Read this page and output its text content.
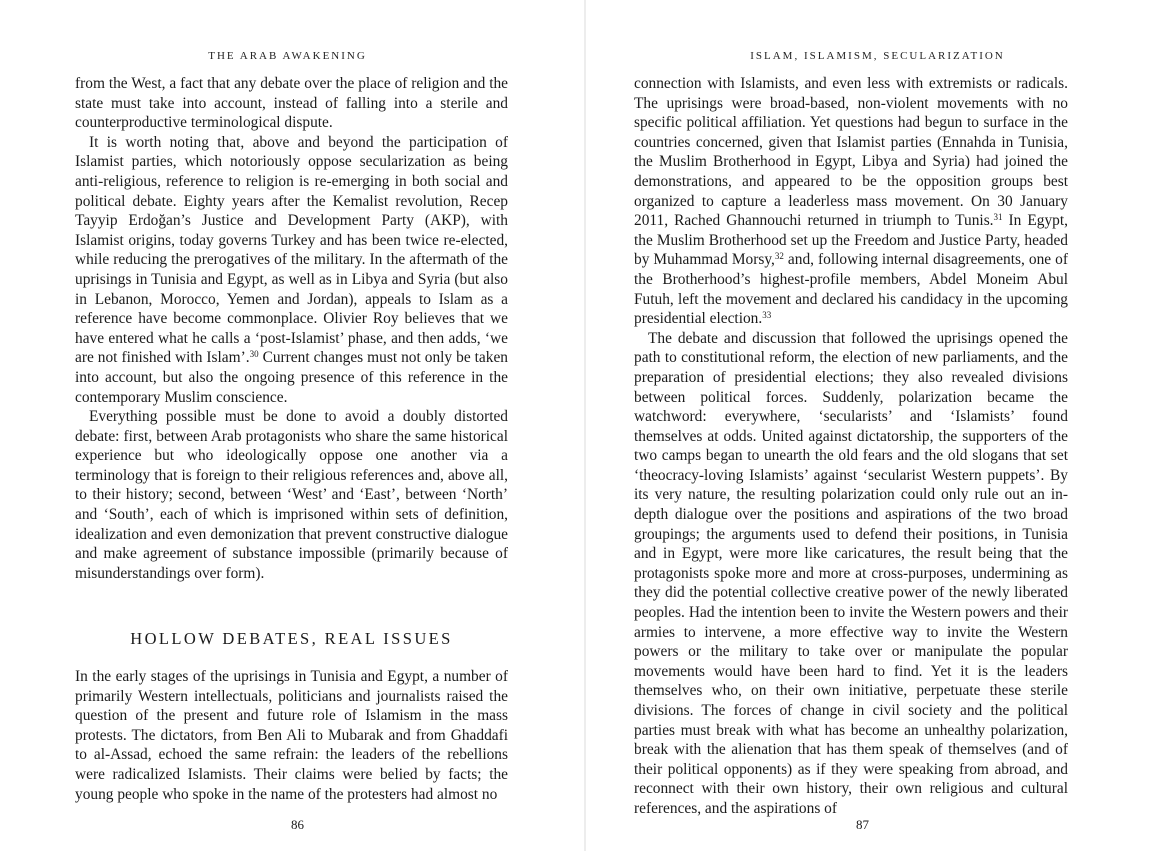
THE ARAB AWAKENING

from the West, a fact that any debate over the place of religion and the state must take into account, instead of falling into a sterile and counterproductive terminological dispute.

It is worth noting that, above and beyond the participation of Islamist parties, which notoriously oppose secularization as being anti-religious, reference to religion is re-emerging in both social and political debate. Eighty years after the Kemalist revolution, Recep Tayyip Erdoğan’s Justice and Development Party (AKP), with Islamist origins, today governs Turkey and has been twice re-elected, while reducing the prerogatives of the military. In the aftermath of the uprisings in Tunisia and Egypt, as well as in Libya and Syria (but also in Lebanon, Morocco, Yemen and Jordan), appeals to Islam as a reference have become commonplace. Olivier Roy believes that we have entered what he calls a ‘post-Islamist’ phase, and then adds, ‘we are not finished with Islam’.$^{30}$ Current changes must not only be taken into account, but also the ongoing presence of this reference in the contemporary Muslim conscience.

Everything possible must be done to avoid a doubly distorted debate: first, between Arab protagonists who share the same historical experience but who ideologically oppose one another via a terminology that is foreign to their religious references and, above all, to their history; second, between ‘West’ and ‘East’, between ‘North’ and ‘South’, each of which is imprisoned within sets of definition, idealization and even demonization that prevent constructive dialogue and make agreement of substance impossible (primarily because of misunderstandings over form).

HOLLOW DEBATES, REAL ISSUES

In the early stages of the uprisings in Tunisia and Egypt, a number of primarily Western intellectuals, politicians and journalists raised the question of the present and future role of Islamism in the mass protests. The dictators, from Ben Ali to Mubarak and from Ghaddafi to al-Assad, echoed the same refrain: the leaders of the rebellions were radicalized Islamists. Their claims were belied by facts; the young people who spoke in the name of the protesters had almost no

86
ISLAM, ISLAMISM, SECULARIZATION

connection with Islamists, and even less with extremists or radicals. The uprisings were broad-based, non-violent movements with no specific political affiliation. Yet questions had begun to surface in the countries concerned, given that Islamist parties (Ennahda in Tunisia, the Muslim Brotherhood in Egypt, Libya and Syria) had joined the demonstrations, and appeared to be the opposition groups best organized to capture a leaderless mass movement. On 30 January 2011, Rached Ghannouchi returned in triumph to Tunis.$^{31}$ In Egypt, the Muslim Brotherhood set up the Freedom and Justice Party, headed by Muhammad Morsy,$^{32}$ and, following internal disagreements, one of the Brotherhood’s highest-profile members, Abdel Moneim Abul Futuh, left the movement and declared his candidacy in the upcoming presidential election.$^{33}$

The debate and discussion that followed the uprisings opened the path to constitutional reform, the election of new parliaments, and the preparation of presidential elections; they also revealed divisions between political forces. Suddenly, polarization became the watchword: everywhere, ‘secularists’ and ‘Islamists’ found themselves at odds. United against dictatorship, the supporters of the two camps began to unearth the old fears and the old slogans that set ‘theocracy-loving Islamists’ against ‘secularist Western puppets’. By its very nature, the resulting polarization could only rule out an in-depth dialogue over the positions and aspirations of the two broad groupings; the arguments used to defend their positions, in Tunisia and in Egypt, were more like caricatures, the result being that the protagonists spoke more and more at cross-purposes, undermining as they did the potential collective creative power of the newly liberated peoples. Had the intention been to invite the Western powers and their armies to intervene, a more effective way to invite the Western powers or the military to take over or manipulate the popular movements would have been hard to find. Yet it is the leaders themselves who, on their own initiative, perpetuate these sterile divisions. The forces of change in civil society and the political parties must break with what has become an unhealthy polarization, break with the alienation that has them speak of themselves (and of their political opponents) as if they were speaking from abroad, and reconnect with their own history, their own religious and cultural references, and the aspirations of

87
